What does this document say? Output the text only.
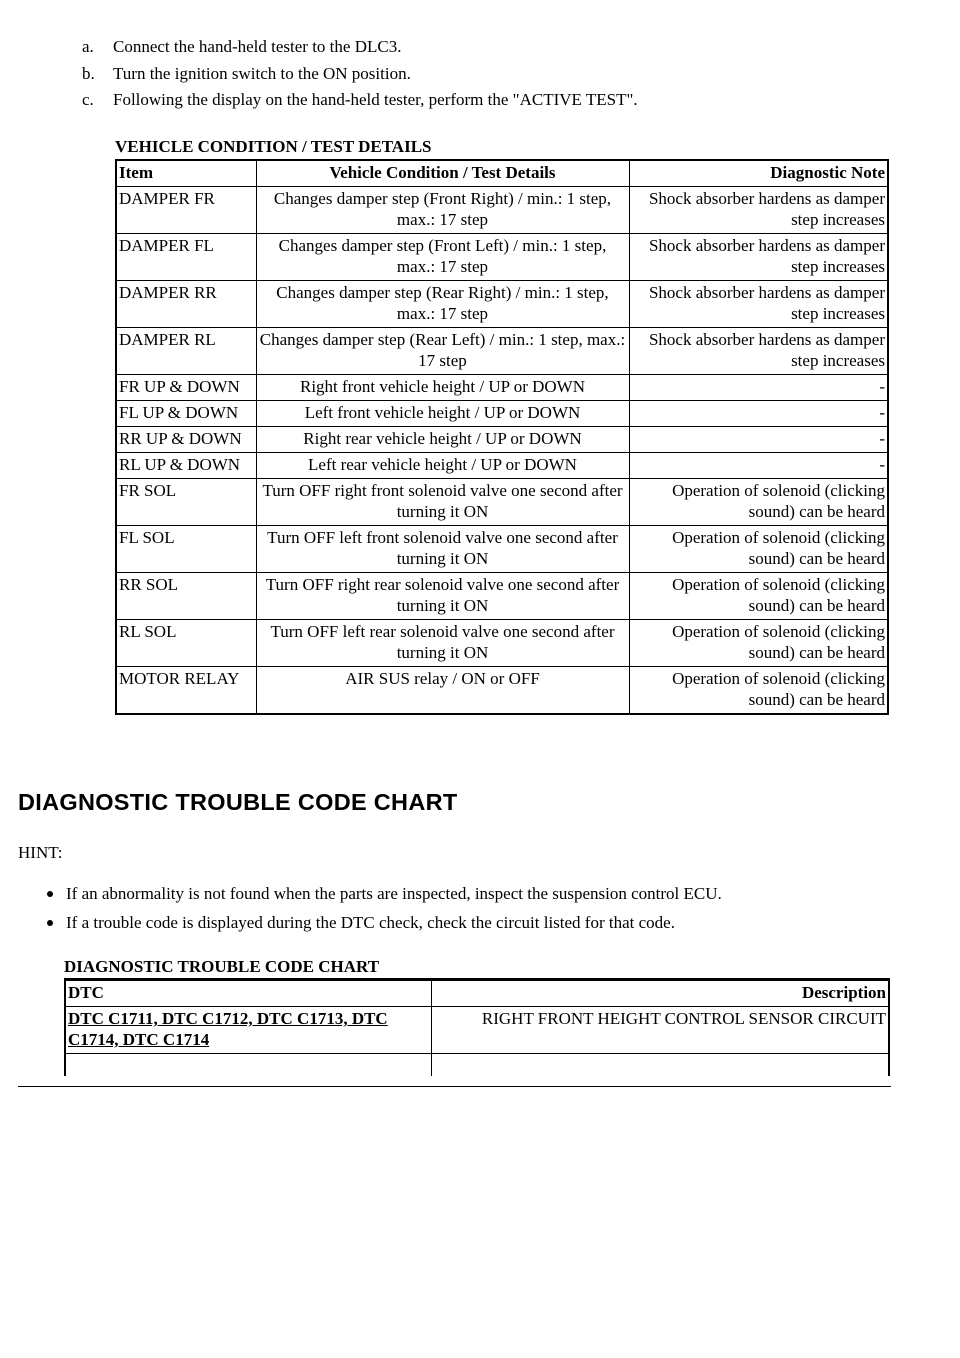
a. Connect the hand-held tester to the DLC3.
b. Turn the ignition switch to the ON position.
c. Following the display on the hand-held tester, perform the "ACTIVE TEST".
VEHICLE CONDITION / TEST DETAILS
Item	Vehicle Condition / Test Details	Diagnostic Note
DAMPER FR	Changes damper step (Front Right) / min.: 1 step, max.: 17 step	Shock absorber hardens as damper step increases
DAMPER FL	Changes damper step (Front Left) / min.: 1 step, max.: 17 step	Shock absorber hardens as damper step increases
DAMPER RR	Changes damper step (Rear Right) / min.: 1 step, max.: 17 step	Shock absorber hardens as damper step increases
DAMPER RL	Changes damper step (Rear Left) / min.: 1 step, max.: 17 step	Shock absorber hardens as damper step increases
FR UP & DOWN	Right front vehicle height / UP or DOWN	-
FL UP & DOWN	Left front vehicle height / UP or DOWN	-
RR UP & DOWN	Right rear vehicle height / UP or DOWN	-
RL UP & DOWN	Left rear vehicle height / UP or DOWN	-
FR SOL	Turn OFF right front solenoid valve one second after turning it ON	Operation of solenoid (clicking sound) can be heard
FL SOL	Turn OFF left front solenoid valve one second after turning it ON	Operation of solenoid (clicking sound) can be heard
RR SOL	Turn OFF right rear solenoid valve one second after turning it ON	Operation of solenoid (clicking sound) can be heard
RL SOL	Turn OFF left rear solenoid valve one second after turning it ON	Operation of solenoid (clicking sound) can be heard
MOTOR RELAY	AIR SUS relay / ON or OFF	Operation of solenoid (clicking sound) can be heard
DIAGNOSTIC TROUBLE CODE CHART
HINT:
If an abnormality is not found when the parts are inspected, inspect the suspension control ECU.
If a trouble code is displayed during the DTC check, check the circuit listed for that code.
DIAGNOSTIC TROUBLE CODE CHART
DTC	Description
DTC C1711, DTC C1712, DTC C1713, DTC C1714, DTC C1714	RIGHT FRONT HEIGHT CONTROL SENSOR CIRCUIT
